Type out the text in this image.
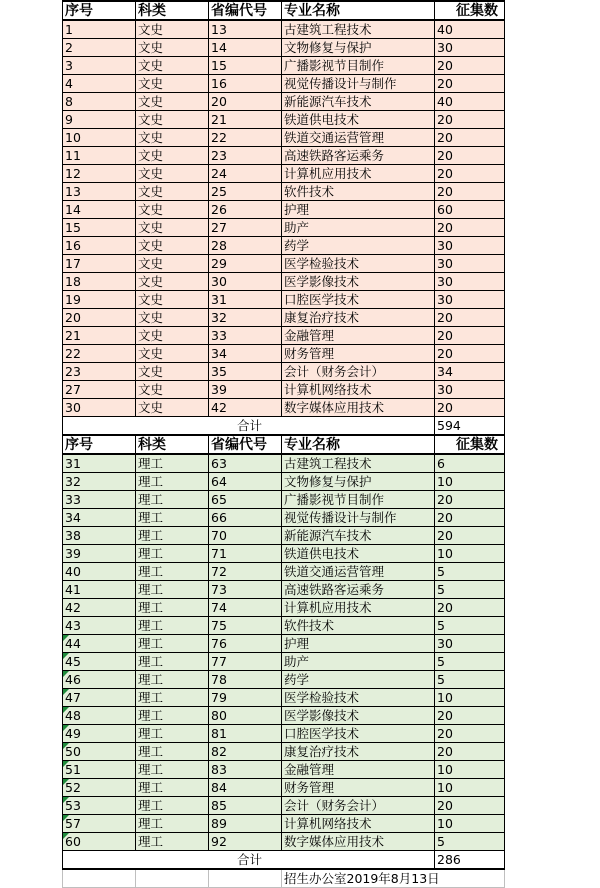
序号	科类	省编代号	专业名称	征集数
1	文史	13	古建筑工程技术	40
2	文史	14	文物修复与保护	30
3	文史	15	广播影视节目制作	20
4	文史	16	视觉传播设计与制作	20
8	文史	20	新能源汽车技术	40
9	文史	21	铁道供电技术	20
10	文史	22	铁道交通运营管理	20
11	文史	23	高速铁路客运乘务	20
12	文史	24	计算机应用技术	20
13	文史	25	软件技术	20
14	文史	26	护理	60
15	文史	27	助产	20
16	文史	28	药学	30
17	文史	29	医学检验技术	30
18	文史	30	医学影像技术	30
19	文史	31	口腔医学技术	30
20	文史	32	康复治疗技术	20
21	文史	33	金融管理	20
22	文史	34	财务管理	20
23	文史	35	会计（财务会计）	34
27	文史	39	计算机网络技术	30
30	文史	42	数字媒体应用技术	20
合计				594
序号	科类	省编代号	专业名称	征集数
31	理工	63	古建筑工程技术	6
32	理工	64	文物修复与保护	10
33	理工	65	广播影视节目制作	20
34	理工	66	视觉传播设计与制作	20
38	理工	70	新能源汽车技术	20
39	理工	71	铁道供电技术	10
40	理工	72	铁道交通运营管理	5
41	理工	73	高速铁路客运乘务	5
42	理工	74	计算机应用技术	20
43	理工	75	软件技术	5
44	理工	76	护理	30
45	理工	77	助产	5
46	理工	78	药学	5
47	理工	79	医学检验技术	10
48	理工	80	医学影像技术	20
49	理工	81	口腔医学技术	20
50	理工	82	康复治疗技术	20
51	理工	83	金融管理	10
52	理工	84	财务管理	10
53	理工	85	会计（财务会计）	20
57	理工	89	计算机网络技术	10
60	理工	92	数字媒体应用技术	5
合计				286
			招生办公室2019年8月13日	
